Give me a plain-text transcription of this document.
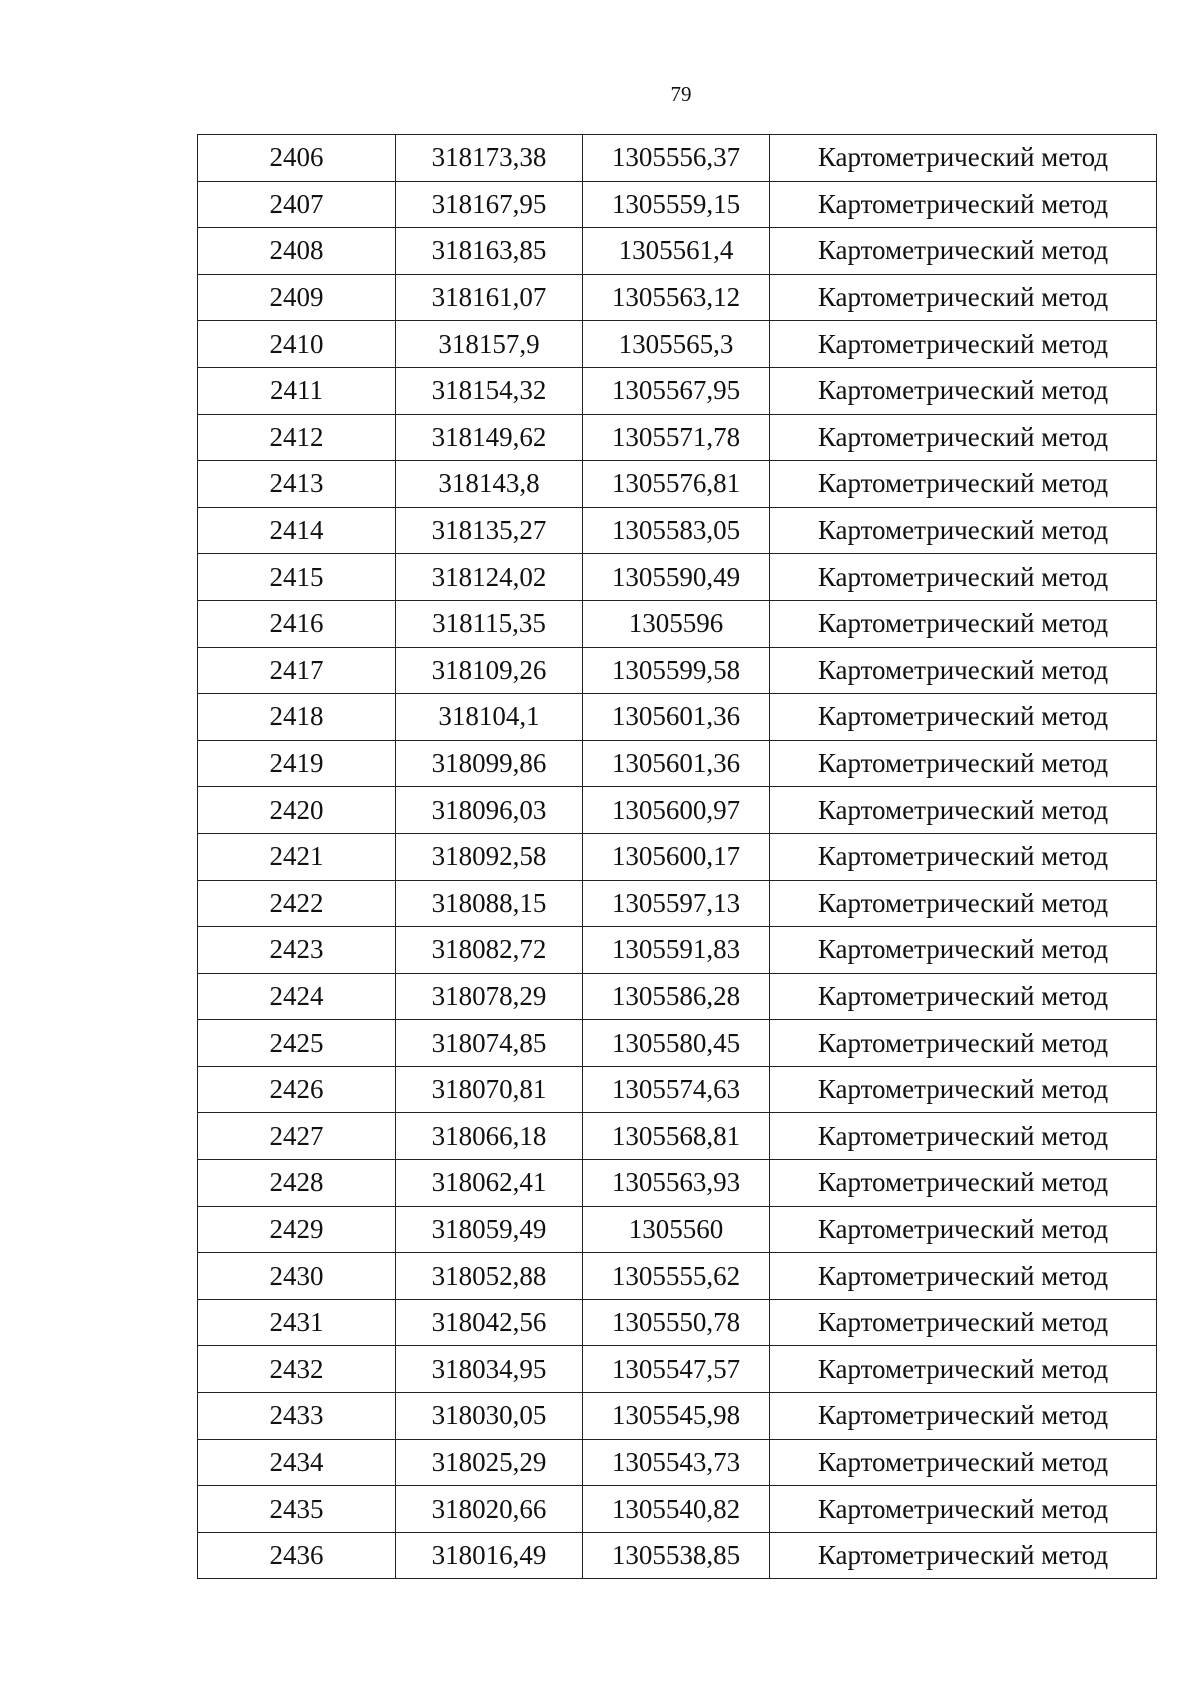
79
2406	318173,38	1305556,37	Картометрический метод
2407	318167,95	1305559,15	Картометрический метод
2408	318163,85	1305561,4	Картометрический метод
2409	318161,07	1305563,12	Картометрический метод
2410	318157,9	1305565,3	Картометрический метод
2411	318154,32	1305567,95	Картометрический метод
2412	318149,62	1305571,78	Картометрический метод
2413	318143,8	1305576,81	Картометрический метод
2414	318135,27	1305583,05	Картометрический метод
2415	318124,02	1305590,49	Картометрический метод
2416	318115,35	1305596	Картометрический метод
2417	318109,26	1305599,58	Картометрический метод
2418	318104,1	1305601,36	Картометрический метод
2419	318099,86	1305601,36	Картометрический метод
2420	318096,03	1305600,97	Картометрический метод
2421	318092,58	1305600,17	Картометрический метод
2422	318088,15	1305597,13	Картометрический метод
2423	318082,72	1305591,83	Картометрический метод
2424	318078,29	1305586,28	Картометрический метод
2425	318074,85	1305580,45	Картометрический метод
2426	318070,81	1305574,63	Картометрический метод
2427	318066,18	1305568,81	Картометрический метод
2428	318062,41	1305563,93	Картометрический метод
2429	318059,49	1305560	Картометрический метод
2430	318052,88	1305555,62	Картометрический метод
2431	318042,56	1305550,78	Картометрический метод
2432	318034,95	1305547,57	Картометрический метод
2433	318030,05	1305545,98	Картометрический метод
2434	318025,29	1305543,73	Картометрический метод
2435	318020,66	1305540,82	Картометрический метод
2436	318016,49	1305538,85	Картометрический метод
